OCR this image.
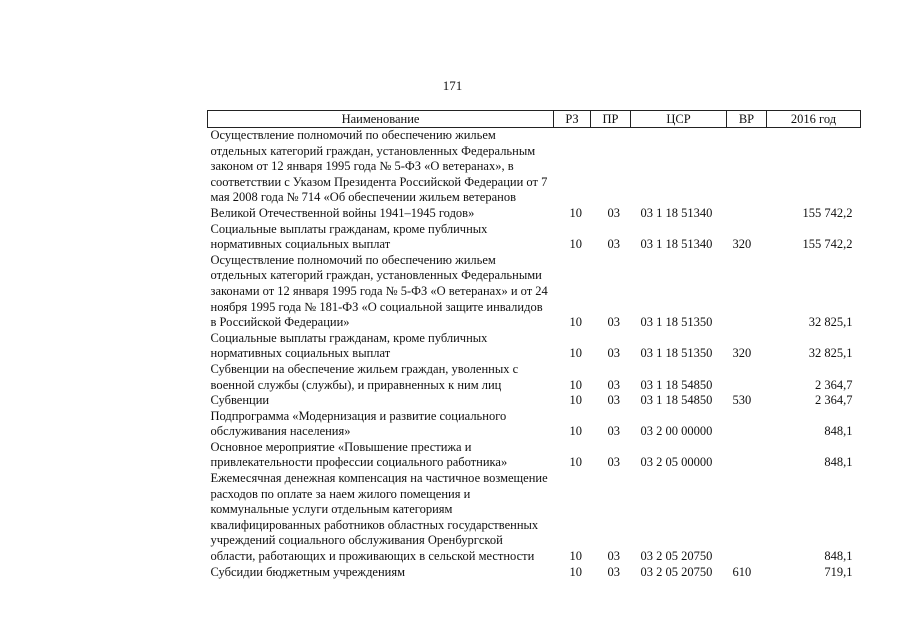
171
Наименование	РЗ	ПР	ЦСР	ВР	2016 год
Осуществление полномочий по обеспечению жильем отдельных категорий граждан, установленных Федеральным законом от 12 января 1995 года № 5-ФЗ «О ветеранах», в соответствии с Указом Президента Российской Федерации от 7 мая 2008 года № 714 «Об обеспечении жильем ветеранов Великой Отечественной войны 1941–1945 годов»	10	03	03 1 18 51340		155 742,2
Социальные выплаты гражданам, кроме публичных нормативных социальных выплат	10	03	03 1 18 51340	320	155 742,2
Осуществление полномочий по обеспечению жильем отдельных категорий граждан, установленных Федеральными законами от 12 января 1995 года № 5-ФЗ «О ветеранах» и от 24 ноября 1995 года № 181-ФЗ «О социальной защите инвалидов в Российской Федерации»	10	03	03 1 18 51350		32 825,1
Социальные выплаты гражданам, кроме публичных нормативных социальных выплат	10	03	03 1 18 51350	320	32 825,1
Субвенции на обеспечение жильем граждан, уволенных с военной службы (службы), и приравненных к ним лиц	10	03	03 1 18 54850		2 364,7
Субвенции	10	03	03 1 18 54850	530	2 364,7
Подпрограмма «Модернизация и развитие социального обслуживания населения»	10	03	03 2 00 00000		848,1
Основное мероприятие «Повышение престижа и привлекательности профессии социального работника»	10	03	03 2 05 00000		848,1
Ежемесячная денежная компенсация на частичное возмещение расходов по оплате за наем жилого помещения и коммунальные услуги отдельным категориям квалифицированных работников областных государственных учреждений социального обслуживания Оренбургской области, работающих и проживающих в сельской местности	10	03	03 2 05 20750		848,1
Субсидии бюджетным учреждениям	10	03	03 2 05 20750	610	719,1
